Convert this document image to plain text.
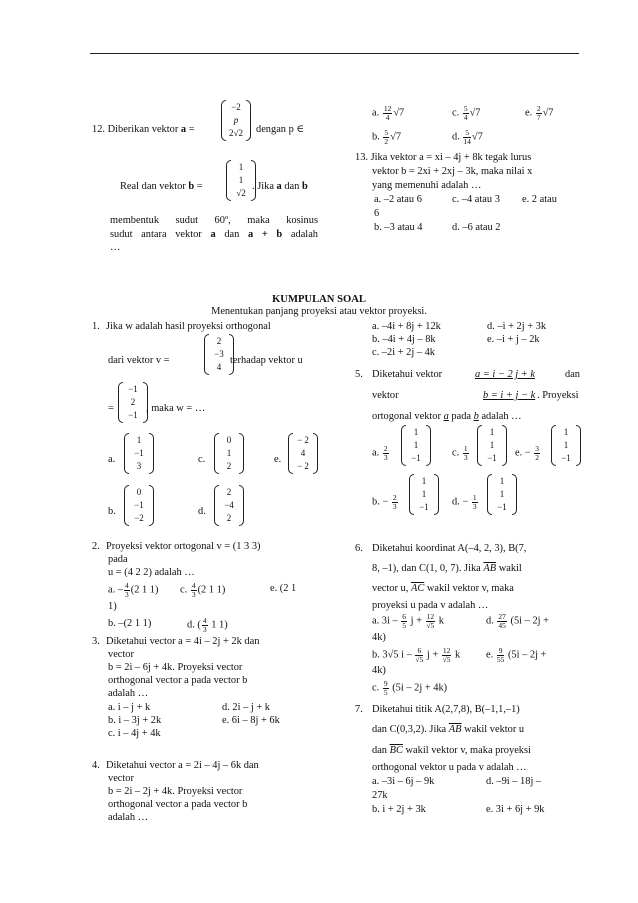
12. Diberikan vektor a =
−2
p
2√2 dengan p ∈
Real dan vektor b =
1
1
√2
. Jika a dan b
membentuk sudut 60º, maka kosinus
sudut antara vektor a dan a + b adalah
…
a. $\frac{12}{4} √7$	c. $\frac{5}{4} √7$	e. $\frac{2}{7} √7$
b. $\frac{5}{2} √7$	d. $\frac{5}{14} √7$
13. Jika vektor a = xi – 4j + 8k tegak lurus
vektor b = 2xi + 2xj – 3k, maka nilai x
yang memenuhi adalah …
a. –2 atau 6	c. –4 atau 3 e. 2 atau
6
b. –3 atau 4	d. –6 atau 2
KUMPULAN SOAL
Menentukan panjang proyeksi atau vektor proyeksi.
1. Jika w adalah hasil proyeksi orthogonal
dari vektor v =
2
−3
4
terhadap vektor u
=
−1
2
−1
, maka w = …
a.
1
−1
3
c.
0
1
2
e.
− 2
4
− 2
b.
0
−1
−2
d.
2
−4
2
2. Proyeksi vektor ortogonal v = (1 3 3)
pada
u = (4 2 2) adalah …
a. – $\frac{4}{3} (2$ 1 1) c. $\frac{4}{3} (2$ 1 1)	e. (2 1
1)
b. –(2 1 1)	d. ( $\frac{4}{3} 1$ 1)
3. Diketahui vector a = 4i – 2j + 2k dan
vector
b = 2i – 6j + 4k. Proyeksi vector
orthogonal vector a pada vector b
adalah …
a. i – j + k	d. 2i – j + k
b. i – 3j + 2k	e. 6i – 8j + 6k
c. i – 4j + 4k
4. Diketahui vector a = 2i – 4j – 6k dan
vector
b = 2i – 2j + 4k. Proyeksi vector
orthogonal vector a pada vector b
adalah …
a. –4i + 8j + 12k	d. –i + 2j + 3k
b. –4i + 4j – 8k	e. –i + j – 2k
c. –2i + 2j – 4k
5. Diketahui vektor	a = i − 2 j + k	dan
vektor	b = i + j − k . Proyeksi
ortogonal vektor a pada b adalah …
a. $\frac{2}{3}$
1
1
−1	c. $\frac{1}{3}$
1
1
−1 e. − $\frac{3}{2}$
1
1
−1
b. − $\frac{2}{3}$
1
1
−1 d. − $\frac{1}{3}$
1
1
−1
6. Diketahui koordinat A(–4, 2, 3), B(7,
8, –1), dan C(1, 0, 7). Jika $\overline{AB}$ wakil
vector u, $\overline{AC}$ wakil vektor v, maka
proyeksi u pada v adalah …
a. $3i - \frac{6}{5}$ $j + \frac{12}{√5}$ k	d. $\frac{27}{45} (5i - 2j$ +
4k)
b. 3√5 i – $\frac{6}{√5}$ $j + \frac{12}{√5}$ k e. $\frac{9}{55} (5i - 2j$ +
4k)
c. $\frac{9}{5} (5i - 2j + 4k)$
7. Diketahui titik A(2,7,8), B(–1,1,–1)
dan C(0,3,2). Jika $\overline{AB}$ wakil vektor u
dan $\overline{BC}$ wakil vektor v, maka proyeksi
orthogonal vektor u pada v adalah …
a. –3i – 6j – 9k	d. –9i – 18j –
27k
b. i + 2j + 3k	e. 3i + 6j + 9k
